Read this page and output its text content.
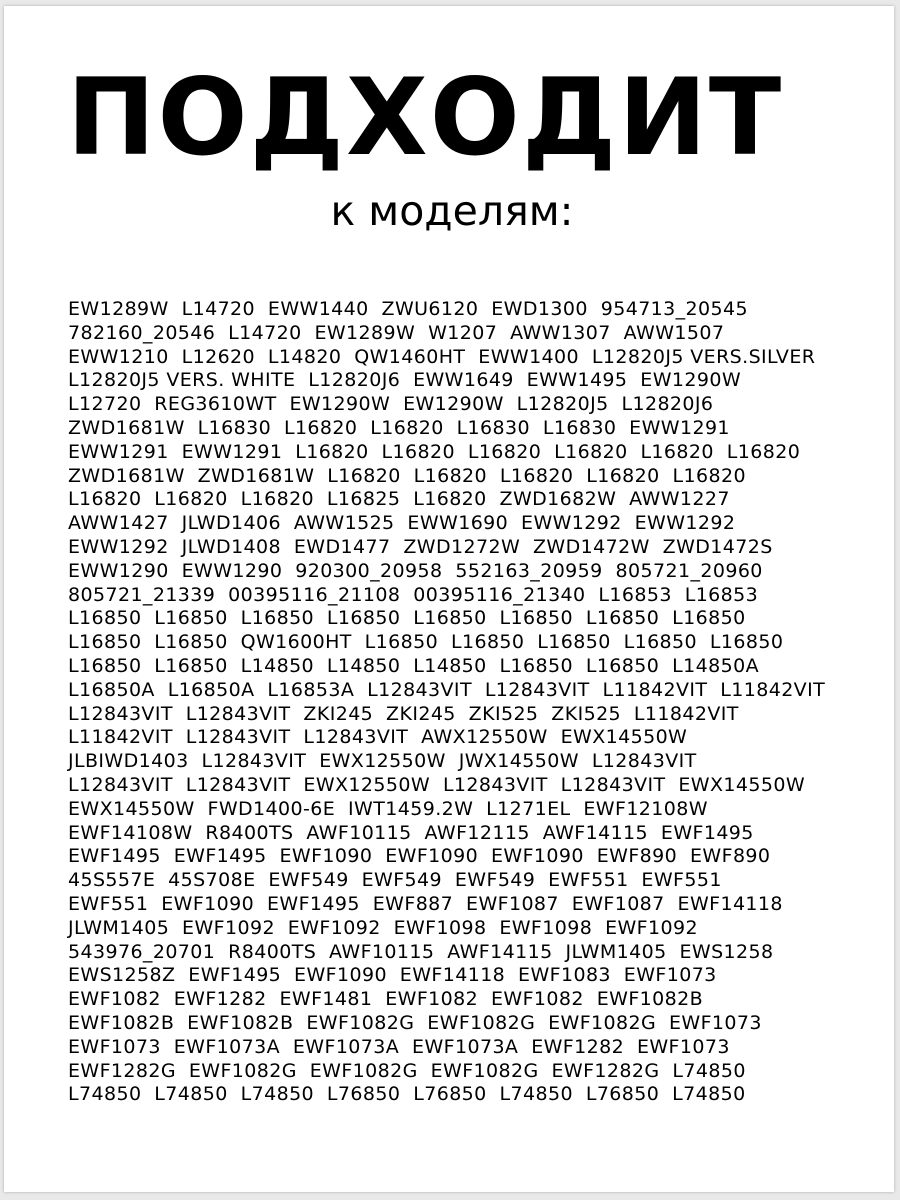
ПОДХОДИТ
к моделям:
EW1289W  L14720  EWW1440  ZWU6120  EWD1300  954713_20545
782160_20546  L14720  EW1289W  W1207  AWW1307  AWW1507
EWW1210  L12620  L14820  QW1460HT  EWW1400  L12820J5 VERS.SILVER
L12820J5 VERS. WHITE  L12820J6  EWW1649  EWW1495  EW1290W
L12720  REG3610WT  EW1290W  EW1290W  L12820J5  L12820J6
ZWD1681W  L16830  L16820  L16820  L16830  L16830  EWW1291
EWW1291  EWW1291  L16820  L16820  L16820  L16820  L16820  L16820
ZWD1681W  ZWD1681W  L16820  L16820  L16820  L16820  L16820
L16820  L16820  L16820  L16825  L16820  ZWD1682W  AWW1227
AWW1427  JLWD1406  AWW1525  EWW1690  EWW1292  EWW1292
EWW1292  JLWD1408  EWD1477  ZWD1272W  ZWD1472W  ZWD1472S
EWW1290  EWW1290  920300_20958  552163_20959  805721_20960
805721_21339  00395116_21108  00395116_21340  L16853  L16853
L16850  L16850  L16850  L16850  L16850  L16850  L16850  L16850
L16850  L16850  QW1600HT  L16850  L16850  L16850  L16850  L16850
L16850  L16850  L14850  L14850  L14850  L16850  L16850  L14850A
L16850A  L16850A  L16853A  L12843VIT  L12843VIT  L11842VIT  L11842VIT
L12843VIT  L12843VIT  ZKI245  ZKI245  ZKI525  ZKI525  L11842VIT
L11842VIT  L12843VIT  L12843VIT  AWX12550W  EWX14550W
JLBIWD1403  L12843VIT  EWX12550W  JWX14550W  L12843VIT
L12843VIT  L12843VIT  EWX12550W  L12843VIT  L12843VIT  EWX14550W
EWX14550W  FWD1400-6E  IWT1459.2W  L1271EL  EWF12108W
EWF14108W  R8400TS  AWF10115  AWF12115  AWF14115  EWF1495
EWF1495  EWF1495  EWF1090  EWF1090  EWF1090  EWF890  EWF890
45S557E  45S708E  EWF549  EWF549  EWF549  EWF551  EWF551
EWF551  EWF1090  EWF1495  EWF887  EWF1087  EWF1087  EWF14118
JLWM1405  EWF1092  EWF1092  EWF1098  EWF1098  EWF1092
543976_20701  R8400TS  AWF10115  AWF14115  JLWM1405  EWS1258
EWS1258Z  EWF1495  EWF1090  EWF14118  EWF1083  EWF1073
EWF1082  EWF1282  EWF1481  EWF1082  EWF1082  EWF1082B
EWF1082B  EWF1082B  EWF1082G  EWF1082G  EWF1082G  EWF1073
EWF1073  EWF1073A  EWF1073A  EWF1073A  EWF1282  EWF1073
EWF1282G  EWF1082G  EWF1082G  EWF1082G  EWF1282G  L74850
L74850  L74850  L74850  L76850  L76850  L74850  L76850  L74850
